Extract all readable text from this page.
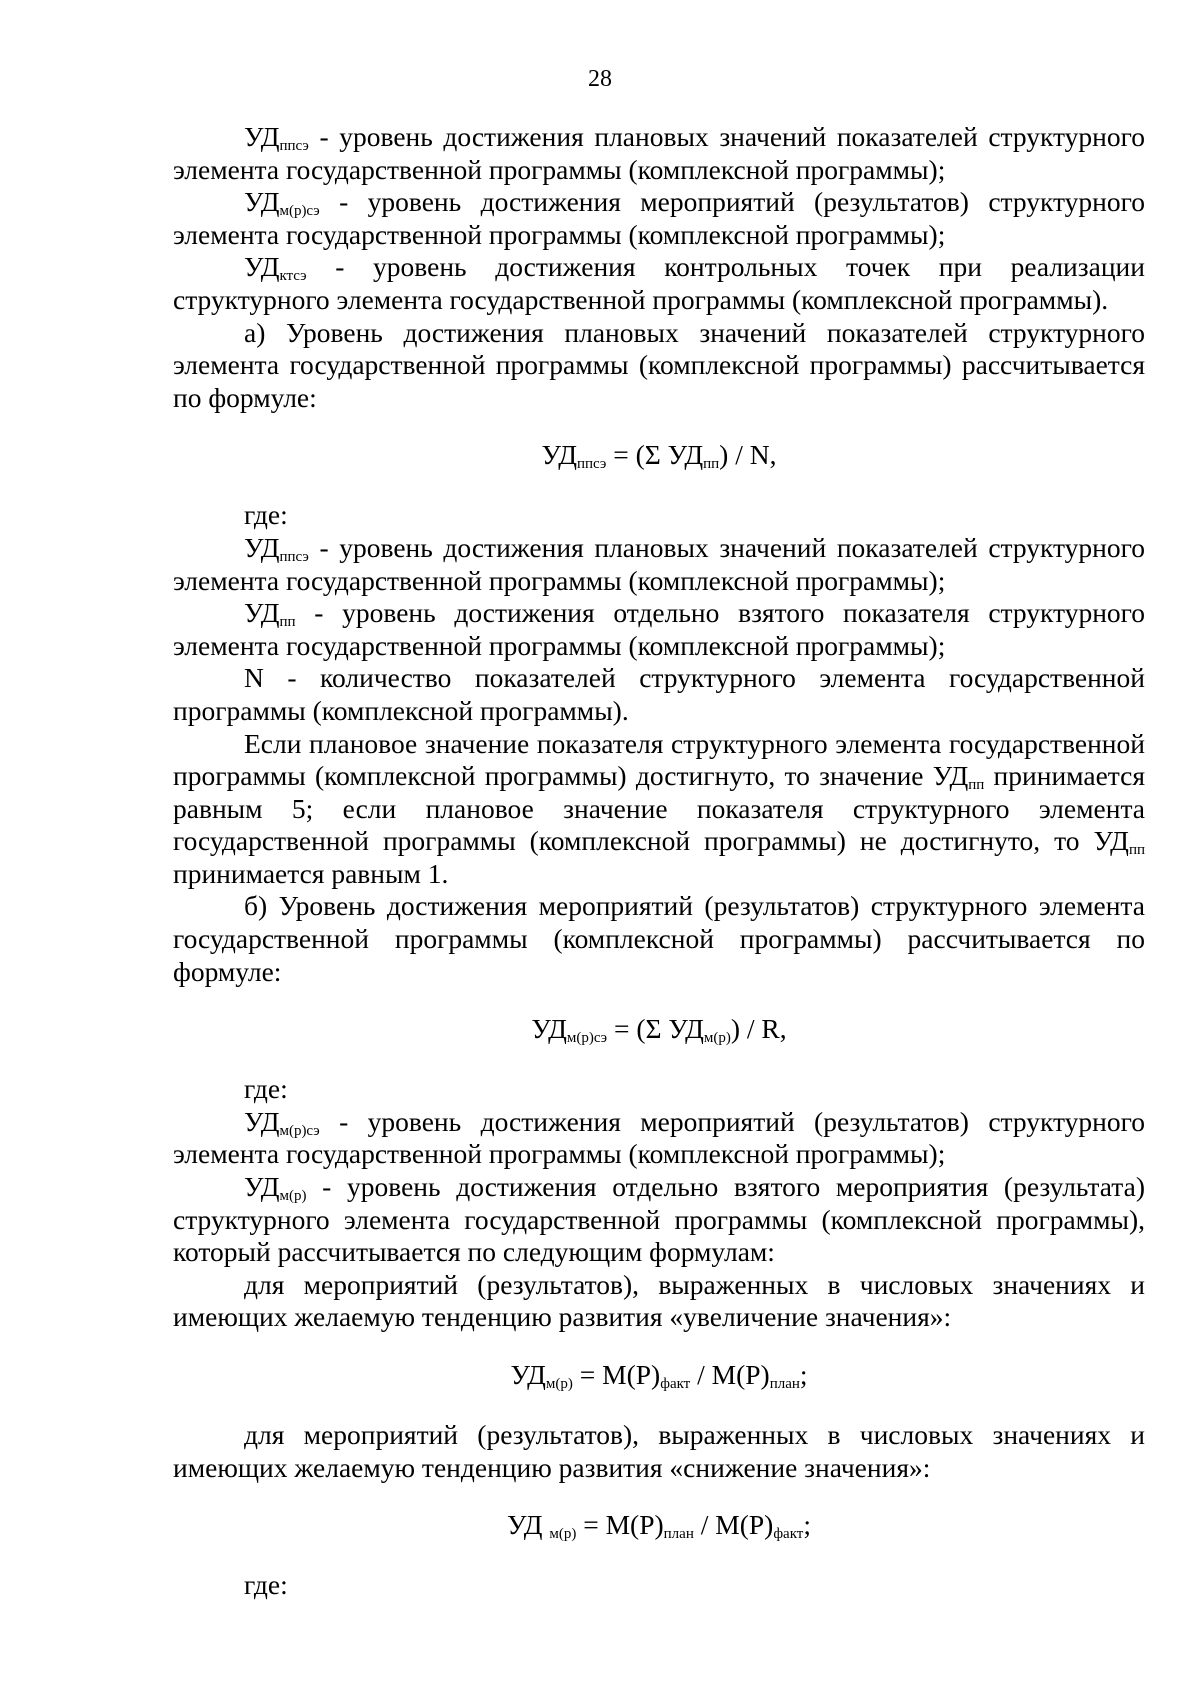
28

$УД_{ппсэ}$ - уровень достижения плановых значений показателей структурного элемента государственной программы (комплексной программы);

$УД_{м(р)сэ}$ - уровень достижения мероприятий (результатов) структурного элемента государственной программы (комплексной программы);

$УД_{ктсэ}$ - уровень достижения контрольных точек при реализации структурного элемента государственной программы (комплексной программы).

а) Уровень достижения плановых значений показателей структурного элемента государственной программы (комплексной программы) рассчитывается по формуле:

$УД_{ппсэ} = (\Sigma$ $УД_{пп}$) / N,

где:

$УД_{ппсэ}$ - уровень достижения плановых значений показателей структурного элемента государственной программы (комплексной программы);

$УД_{пп}$ - уровень достижения отдельно взятого показателя структурного элемента государственной программы (комплексной программы);

N - количество показателей структурного элемента государственной программы (комплексной программы).

Если плановое значение показателя структурного элемента государственной программы (комплексной программы) достигнуто, то значение $УД_{пп}$ принимается равным 5; если плановое значение показателя структурного элемента государственной программы (комплексной программы) не достигнуто, то $УД_{пп}$ принимается равным 1.

б) Уровень достижения мероприятий (результатов) структурного элемента государственной программы (комплексной программы) рассчитывается по формуле:

$УД_{м(р)сэ} = (\Sigma$ $УД_{м(р)}$) / R,

где:

$УД_{м(р)сэ}$ - уровень достижения мероприятий (результатов) структурного элемента государственной программы (комплексной программы);

$УД_{м(р)}$ - уровень достижения отдельно взятого мероприятия (результата) структурного элемента государственной программы (комплексной программы), который рассчитывается по следующим формулам:

для мероприятий (результатов), выраженных в числовых значениях и имеющих желаемую тенденцию развития «увеличение значения»:

$УД_{м(р)} = М(Р)_{факт} / М(Р)_{план}$;

для мероприятий (результатов), выраженных в числовых значениях и имеющих желаемую тенденцию развития «снижение значения»:

УД $_{м(р)} = М(Р)_{план} / М(Р)_{факт}$;

где:
